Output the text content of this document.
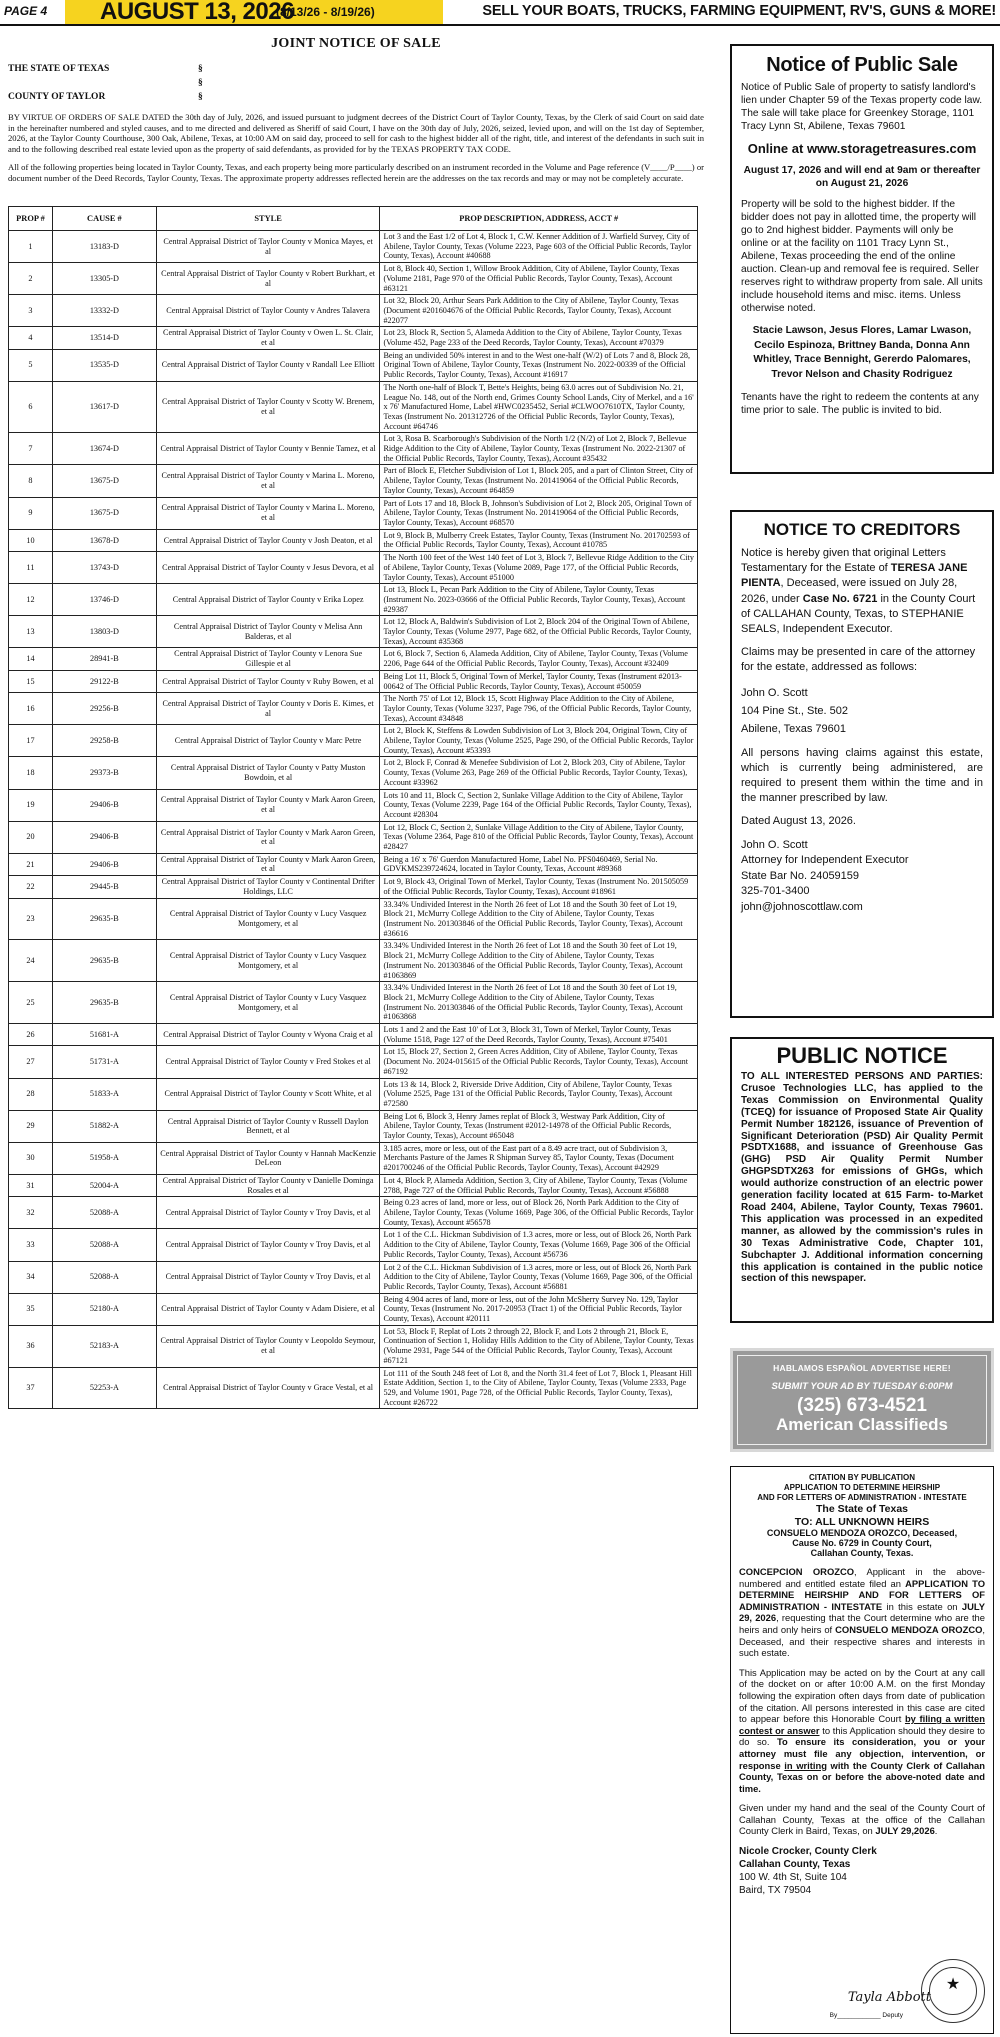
PAGE 4 AUGUST 13, 2026
(8/13/26 - 8/19/26)	SELL YOUR BOATS, TRUCKS, FARMING EQUIPMENT, RV'S, GUNS & MORE!
JOINT NOTICE OF SALE
THE STATE OF TEXAS	§
§
COUNTY OF TAYLOR	§

BY VIRTUE OF ORDERS OF SALE DATED the 30th day of July, 2026, and issued pursuant to judgment decrees of the District Court of Taylor County, Texas, by the Clerk of said Court on said date in the hereinafter numbered and styled causes, and to me directed and delivered as Sheriff of said Court, I have on the 30th day of July, 2026, seized, levied upon, and will on the 1st day of September, 2026, at the Taylor County Courthouse, 300 Oak, Abilene, Texas, at 10:00 AM on said day, proceed to sell for cash to the highest bidder all of the right, title, and interest of the defendants in such suit in and to the following described real estate levied upon as the property of said defendants, as provided for by the TEXAS PROPERTY TAX CODE.

All of the following properties being located in Taylor County, Texas, and each property being more particularly described on an instrument recorded in the Volume and Page reference (V____/P____) or document number of the Deed Records, Taylor County, Texas. The approximate property addresses reflected herein are the addresses on the tax records and may or may not be completely accurate.

PROP #	CAUSE #	STYLE	PROP DESCRIPTION, ADDRESS, ACCT #
1	13183-D	Central Appraisal District of Taylor County v Monica Mayes, et al	Lot 3 and the East 1/2 of Lot 4, Block 1, C.W. Kenner Addition of J. Warfield Survey, City of Abilene, Taylor County, Texas (Volume 2223, Page 603 of the Official Public Records, Taylor County, Texas), Account #40688
2	13305-D	Central Appraisal District of Taylor County v Robert Burkhart, et al	Lot 8, Block 40, Section 1, Willow Brook Addition, City of Abilene, Taylor County, Texas (Volume 2181, Page 970 of the Official Public Records, Taylor County, Texas), Account #63121
3	13332-D	Central Appraisal District of Taylor County v Andres Talavera	Lot 32, Block 20, Arthur Sears Park Addition to the City of Abilene, Taylor County, Texas (Document #201604676 of the Official Public Records, Taylor County, Texas), Account #22077
4	13514-D	Central Appraisal District of Taylor County v Owen L. St. Clair, et al	Lot 23, Block R, Section 5, Alameda Addition to the City of Abilene, Taylor County, Texas (Volume 452, Page 233 of the Deed Records, Taylor County, Texas), Account #70379
5	13535-D	Central Appraisal District of Taylor County v Randall Lee Elliott	Being an undivided 50% interest in and to the West one-half (W/2) of Lots 7 and 8, Block 28, Original Town of Abilene, Taylor County, Texas (Instrument No. 2022-00339 of the Official Public Records, Taylor County, Texas), Account #16917
6	13617-D	Central Appraisal District of Taylor County v Scotty W. Brenem, et al	The North one-half of Block T, Bette's Heights, being 63.0 acres out of Subdivision No. 21, League No. 148, out of the North end, Grimes County School Lands, City of Merkel, and a 16' x 76' Manufactured Home, Label #HWC0235452, Serial #CLWOO7610TX, Taylor County, Texas (Instrument No. 201312726 of the Official Public Records, Taylor County, Texas), Account #64746
7	13674-D	Central Appraisal District of Taylor County v Bennie Tamez, et al	Lot 3, Rosa B. Scarborough's Subdivision of the North 1/2 (N/2) of Lot 2, Block 7, Bellevue Ridge Addition to the City of Abilene, Taylor County, Texas (Instrument No. 2022-21307 of the Official Public Records, Taylor County, Texas), Account #35432
8	13675-D	Central Appraisal District of Taylor County v Marina L. Moreno, et al	Part of Block E, Fletcher Subdivision of Lot 1, Block 205, and a part of Clinton Street, City of Abilene, Taylor County, Texas (Instrument No. 201419064 of the Official Public Records, Taylor County, Texas), Account #64859
9	13675-D	Central Appraisal District of Taylor County v Marina L. Moreno, et al	Part of Lots 17 and 18, Block B, Johnson's Subdivision of Lot 2, Block 205, Original Town of Abilene, Taylor County, Texas (Instrument No. 201419064 of the Official Public Records, Taylor County, Texas), Account #68570
10	13678-D	Central Appraisal District of Taylor County v Josh Deaton, et al	Lot 9, Block B, Mulberry Creek Estates, Taylor County, Texas (Instrument No. 201702593 of the Official Public Records, Taylor County, Texas), Account #10785
11	13743-D	Central Appraisal District of Taylor County v Jesus Devora, et al	The North 100 feet of the West 140 feet of Lot 3, Block 7, Bellevue Ridge Addition to the City of Abilene, Taylor County, Texas (Volume 2089, Page 177, of the Official Public Records, Taylor County, Texas), Account #51000
12	13746-D	Central Appraisal District of Taylor County v Erika Lopez	Lot 13, Block L, Pecan Park Addition to the City of Abilene, Taylor County, Texas (Instrument No. 2023-03666 of the Official Public Records, Taylor County, Texas), Account #29387
13	13803-D	Central Appraisal District of Taylor County v Melisa Ann Balderas, et al	Lot 12, Block A, Baldwin's Subdivision of Lot 2, Block 204 of the Original Town of Abilene, Taylor County, Texas (Volume 2977, Page 682, of the Official Public Records, Taylor County, Texas), Account #35368
14	28941-B	Central Appraisal District of Taylor County v Lenora Sue Gillespie et al	Lot 6, Block 7, Section 6, Alameda Addition, City of Abilene, Taylor County, Texas (Volume 2206, Page 644 of the Official Public Records, Taylor County, Texas), Account #32409
15	29122-B	Central Appraisal District of Taylor County v Ruby Bowen, et al	Being Lot 11, Block 5, Original Town of Merkel, Taylor County, Texas (Instrument #2013-00642 of The Official Public Records, Taylor County, Texas), Account #50059
16	29256-B	Central Appraisal District of Taylor County v Doris E. Kimes, et al	The North 75' of Lot 12, Block 15, Scott Highway Place Addition to the City of Abilene, Taylor County, Texas (Volume 3237, Page 796, of the Official Public Records, Taylor County, Texas), Account #34848
17	29258-B	Central Appraisal District of Taylor County v Marc Petre	Lot 2, Block K, Steffens & Lowden Subdivision of Lot 3, Block 204, Original Town, City of Abilene, Taylor County, Texas (Volume 2525, Page 290, of the Official Public Records, Taylor County, Texas), Account #53393
18	29373-B	Central Appraisal District of Taylor County v Patty Muston Bowdoin, et al	Lot 2, Block F, Conrad & Menefee Subdivision of Lot 2, Block 203, City of Abilene, Taylor County, Texas (Volume 263, Page 269 of the Official Public Records, Taylor County, Texas), Account #33962
19	29406-B	Central Appraisal District of Taylor County v Mark Aaron Green, et al	Lots 10 and 11, Block C, Section 2, Sunlake Village Addition to the City of Abilene, Taylor County, Texas (Volume 2239, Page 164 of the Official Public Records, Taylor County, Texas), Account #28304
20	29406-B	Central Appraisal District of Taylor County v Mark Aaron Green, et al	Lot 12, Block C, Section 2, Sunlake Village Addition to the City of Abilene, Taylor County, Texas (Volume 2364, Page 810 of the Official Public Records, Taylor County, Texas), Account #28427
21	29406-B	Central Appraisal District of Taylor County v Mark Aaron Green, et al	Being a 16' x 76' Guerdon Manufactured Home, Label No. PFS0460469, Serial No. GDVKMS239724624, located in Taylor County, Texas, Account #89368
22	29445-B	Central Appraisal District of Taylor County v Continental Drifter Holdings, LLC	Lot 9, Block 43, Original Town of Merkel, Taylor County, Texas (Instrument No. 201505059 of the Official Public Records, Taylor County, Texas), Account #18961
23	29635-B	Central Appraisal District of Taylor County v Lucy Vasquez Montgomery, et al	33.34% Undivided Interest in the North 26 feet of Lot 18 and the South 30 feet of Lot 19, Block 21, McMurry College Addition to the City of Abilene, Taylor County, Texas (Instrument No. 201303846 of the Official Public Records, Taylor County, Texas), Account #36616
24	29635-B	Central Appraisal District of Taylor County v Lucy Vasquez Montgomery, et al	33.34% Undivided Interest in the North 26 feet of Lot 18 and the South 30 feet of Lot 19, Block 21, McMurry College Addition to the City of Abilene, Taylor County, Texas (Instrument No. 201303846 of the Official Public Records, Taylor County, Texas), Account #1063869
25	29635-B	Central Appraisal District of Taylor County v Lucy Vasquez Montgomery, et al	33.34% Undivided Interest in the North 26 feet of Lot 18 and the South 30 feet of Lot 19, Block 21, McMurry College Addition to the City of Abilene, Taylor County, Texas (Instrument No. 201303846 of the Official Public Records, Taylor County, Texas), Account #1063868
26	51681-A	Central Appraisal District of Taylor County v Wyona Craig et al	Lots 1 and 2 and the East 10' of Lot 3, Block 31, Town of Merkel, Taylor County, Texas (Volume 1518, Page 127 of the Deed Records, Taylor County, Texas), Account #75401
27	51731-A	Central Appraisal District of Taylor County v Fred Stokes et al	Lot 15, Block 27, Section 2, Green Acres Addition, City of Abilene, Taylor County, Texas (Document No. 2024-015615 of the Official Public Records, Taylor County, Texas), Account #67192
28	51833-A	Central Appraisal District of Taylor County v Scott White, et al	Lots 13 & 14, Block 2, Riverside Drive Addition, City of Abilene, Taylor County, Texas (Volume 2525, Page 131 of the Official Public Records, Taylor County, Texas), Account #72580
29	51882-A	Central Appraisal District of Taylor County v Russell Daylon Bennett, et al	Being Lot 6, Block 3, Henry James replat of Block 3, Westway Park Addition, City of Abilene, Taylor County, Texas (Instrument #2012-14978 of the Official Public Records, Taylor County, Texas), Account #65048
30	51958-A	Central Appraisal District of Taylor County v Hannah MacKenzie DeLeon	3.185 acres, more or less, out of the East part of a 8.49 acre tract, out of Subdivision 3, Merchants Pasture of the James R Shipman Survey 85, Taylor County, Texas (Document #201700246 of the Official Public Records, Taylor County, Texas), Account #42929
31	52004-A	Central Appraisal District of Taylor County v Danielle Dominga Rosales et al	Lot 4, Block P, Alameda Addition, Section 3, City of Abilene, Taylor County, Texas (Volume 2788, Page 727 of the Official Public Records, Taylor County, Texas), Account #56888
32	52088-A	Central Appraisal District of Taylor County v Troy Davis, et al	Being 0.23 acres of land, more or less, out of Block 26, North Park Addition to the City of Abilene, Taylor County, Texas (Volume 1669, Page 306, of the Official Public Records, Taylor County, Texas), Account #56578
33	52088-A	Central Appraisal District of Taylor County v Troy Davis, et al	Lot 1 of the C.L. Hickman Subdivision of 1.3 acres, more or less, out of Block 26, North Park Addition to the City of Abilene, Taylor County, Texas (Volume 1669, Page 306 of the Official Public Records, Taylor County, Texas), Account #56736
34	52088-A	Central Appraisal District of Taylor County v Troy Davis, et al	Lot 2 of the C.L. Hickman Subdivision of 1.3 acres, more or less, out of Block 26, North Park Addition to the City of Abilene, Taylor County, Texas (Volume 1669, Page 306, of the Official Public Records, Taylor County, Texas), Account #56881
35	52180-A	Central Appraisal District of Taylor County v Adam Disiere, et al	Being 4.904 acres of land, more or less, out of the John McSherry Survey No. 129, Taylor County, Texas (Instrument No. 2017-20953 (Tract 1) of the Official Public Records, Taylor County, Texas), Account #20111
36	52183-A	Central Appraisal District of Taylor County v Leopoldo Seymour, et al	Lot 53, Block F, Replat of Lots 2 through 22, Block F, and Lots 2 through 21, Block E, Continuation of Section 1, Holiday Hills Addition to the City of Abilene, Taylor County, Texas (Volume 2931, Page 544 of the Official Public Records, Taylor County, Texas), Account #67121
37	52253-A	Central Appraisal District of Taylor County v Grace Vestal, et al	Lot 111 of the South 248 feet of Lot 8, and the North 31.4 feet of Lot 7, Block 1, Pleasant Hill Estate Addition, Section 1, to the City of Abilene, Taylor County, Texas (Volume 2333, Page 529, and Volume 1901, Page 728, of the Official Public Records, Taylor County, Texas), Account #26722
Notice of Public Sale
Notice of Public Sale of property to satisfy landlord's lien under Chapter 59 of the Texas property code law. The sale will take place for Greenkey Storage, 1101 Tracy Lynn St, Abilene, Texas 79601
Online at www.storagetreasures.com
August 17, 2026 and will end at 9am or thereafter on August 21, 2026
Property will be sold to the highest bidder. If the bidder does not pay in allotted time, the property will go to 2nd highest bidder. Payments will only be online or at the facility on 1101 Tracy Lynn St., Abilene, Texas proceeding the end of the online auction. Clean-up and removal fee is required. Seller reserves right to withdraw property from sale. All units include household items and misc. items. Unless otherwise noted.
Stacie Lawson, Jesus Flores, Lamar Lwason, Cecilo Espinoza, Brittney Banda, Donna Ann Whitley, Trace Bennight, Gererdo Palomares, Trevor Nelson and Chasity Rodriguez
Tenants have the right to redeem the contents at any time prior to sale. The public is invited to bid.
NOTICE TO CREDITORS

Notice is hereby given that original Letters Testamentary for the Estate of TERESA JANE PIENTA, Deceased, were issued on July 28, 2026, under Case No. 6721 in the County Court of CALLAHAN County, Texas, to STEPHANIE SEALS, Independent Executor.

Claims may be presented in care of the attorney for the estate, addressed as follows:

John O. Scott
104 Pine St., Ste. 502
Abilene, Texas 79601

All persons having claims against this estate, which is currently being administered, are required to present them within the time and in the manner prescribed by law.

Dated August 13, 2026.

John O. Scott
Attorney for Independent Executor
State Bar No. 24059159
325-701-3400
john@johnoscottlaw.com

PUBLIC NOTICE
TO ALL INTERESTED PERSONS AND PARTIES: Crusoe Technologies LLC, has applied to the Texas Commission on Environmental Quality (TCEQ) for issuance of Proposed State Air Quality Permit Number 182126, issuance of Prevention of Significant Deterioration (PSD) Air Quality Permit PSDTX1688, and issuance of Greenhouse Gas (GHG) PSD Air Quality Permit Number GHGPSDTX263 for emissions of GHGs, which would authorize construction of an electric power generation facility located at 615 Farm- to-Market Road 2404, Abilene, Taylor County, Texas 79601. This application was processed in an expedited manner, as allowed by the commission's rules in 30 Texas Administrative Code, Chapter 101, Subchapter J. Additional information concerning this application is contained in the public notice section of this newspaper.
HABLAMOS ESPAÑOL ADVERTISE HERE!
SUBMIT YOUR AD BY TUESDAY 6:00PM
(325) 673-4521
American Classifieds
CITATION BY PUBLICATION
APPLICATION TO DETERMINE HEIRSHIP
AND FOR LETTERS OF ADMINISTRATION - INTESTATE
The State of Texas
TO: ALL UNKNOWN HEIRS
CONSUELO MENDOZA OROZCO, Deceased,
Cause No. 6729 in County Court,
Callahan County, Texas.

CONCEPCION OROZCO, Applicant in the above-numbered and entitled estate filed an APPLICATION TO DETERMINE HEIRSHIP AND FOR LETTERS OF ADMINISTRATION - INTESTATE in this estate on JULY 29, 2026, requesting that the Court determine who are the heirs and only heirs of CONSUELO MENDOZA OROZCO, Deceased, and their respective shares and interests in such estate.

This Application may be acted on by the Court at any call of the docket on or after 10:00 A.M. on the first Monday following the expiration often days from date of publication of the citation. All persons interested in this case are cited to appear before this Honorable Court by filing a written contest or answer to this Application should they desire to do so. To ensure its consideration, you or your attorney must file any objection, intervention, or response in writing with the County Clerk of Callahan County, Texas on or before the above-noted date and time.

Given under my hand and the seal of the County Court of Callahan County, Texas at the office of the Callahan County Clerk in Baird, Texas, on JULY 29,2026.

Nicole Crocker, County Clerk
Callahan County, Texas
100 W. 4th St, Suite 104
Baird, TX 79504
Tayla Abbott
By____________ Deputy
★
